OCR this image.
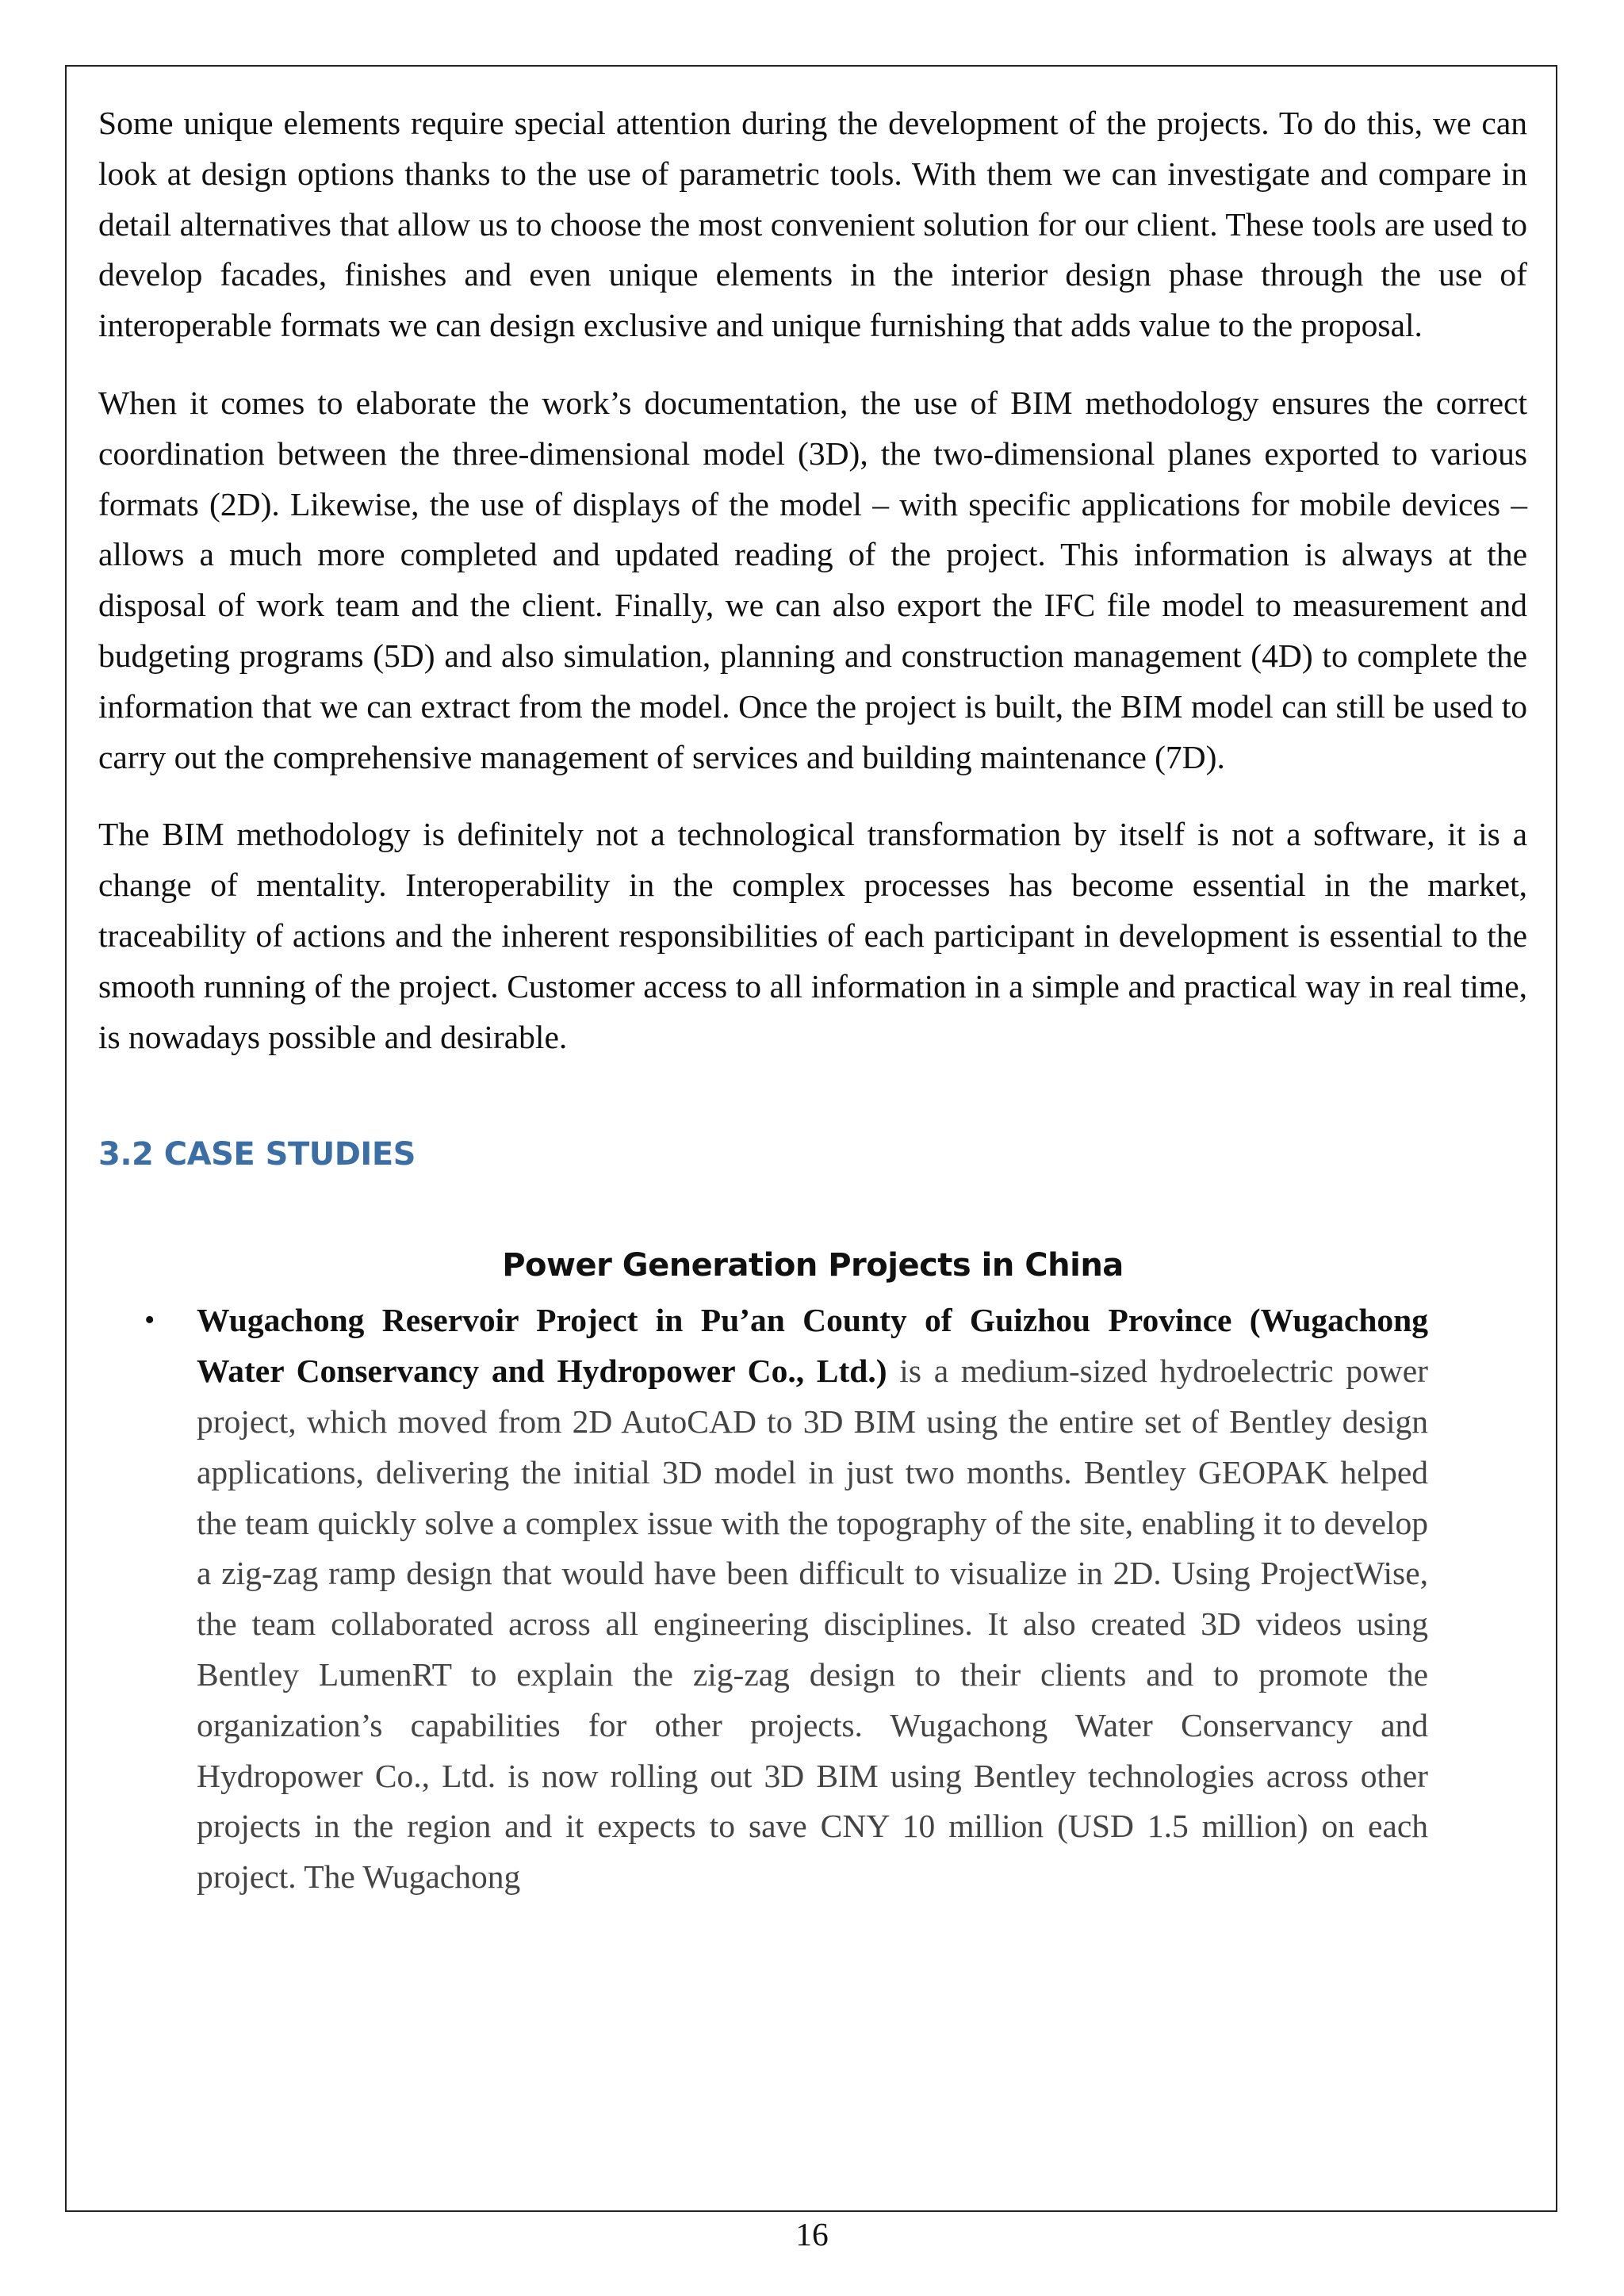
Some unique elements require special attention during the development of the projects. To do this, we can look at design options thanks to the use of parametric tools. With them we can investigate and compare in detail alternatives that allow us to choose the most convenient solution for our client. These tools are used to develop facades, finishes and even unique elements in the interior design phase through the use of interoperable formats we can design exclusive and unique furnishing that adds value to the proposal.

When it comes to elaborate the work’s documentation, the use of BIM methodology ensures the correct coordination between the three-dimensional model (3D), the two-dimensional planes exported to various formats (2D). Likewise, the use of displays of the model – with specific applications for mobile devices – allows a much more completed and updated reading of the project. This information is always at the disposal of work team and the client. Finally, we can also export the IFC file model to measurement and budgeting programs (5D) and also simulation, planning and construction management (4D) to complete the information that we can extract from the model. Once the project is built, the BIM model can still be used to carry out the comprehensive management of services and building maintenance (7D).

The BIM methodology is definitely not a technological transformation by itself is not a software, it is a change of mentality. Interoperability in the complex processes has become essential in the market, traceability of actions and the inherent responsibilities of each participant in development is essential to the smooth running of the project. Customer access to all information in a simple and practical way in real time, is nowadays possible and desirable.

3.2 CASE STUDIES
Power Generation Projects in China
•	Wugachong Reservoir Project in Pu’an County of Guizhou Province (Wugachong Water Conservancy and Hydropower Co., Ltd.) is a medium-sized hydroelectric power project, which moved from 2D AutoCAD to 3D BIM using the entire set of Bentley design applications, delivering the initial 3D model in just two months. Bentley GEOPAK helped the team quickly solve a complex issue with the topography of the site, enabling it to develop a zig-zag ramp design that would have been difficult to visualize in 2D. Using ProjectWise, the team collaborated across all engineering disciplines. It also created 3D videos using Bentley LumenRT to explain the zig-zag design to their clients and to promote the organization’s capabilities for other projects. Wugachong Water Conservancy and Hydropower Co., Ltd. is now rolling out 3D BIM using Bentley technologies across other projects in the region and it expects to save CNY 10 million (USD 1.5 million) on each project. The Wugachong

16
